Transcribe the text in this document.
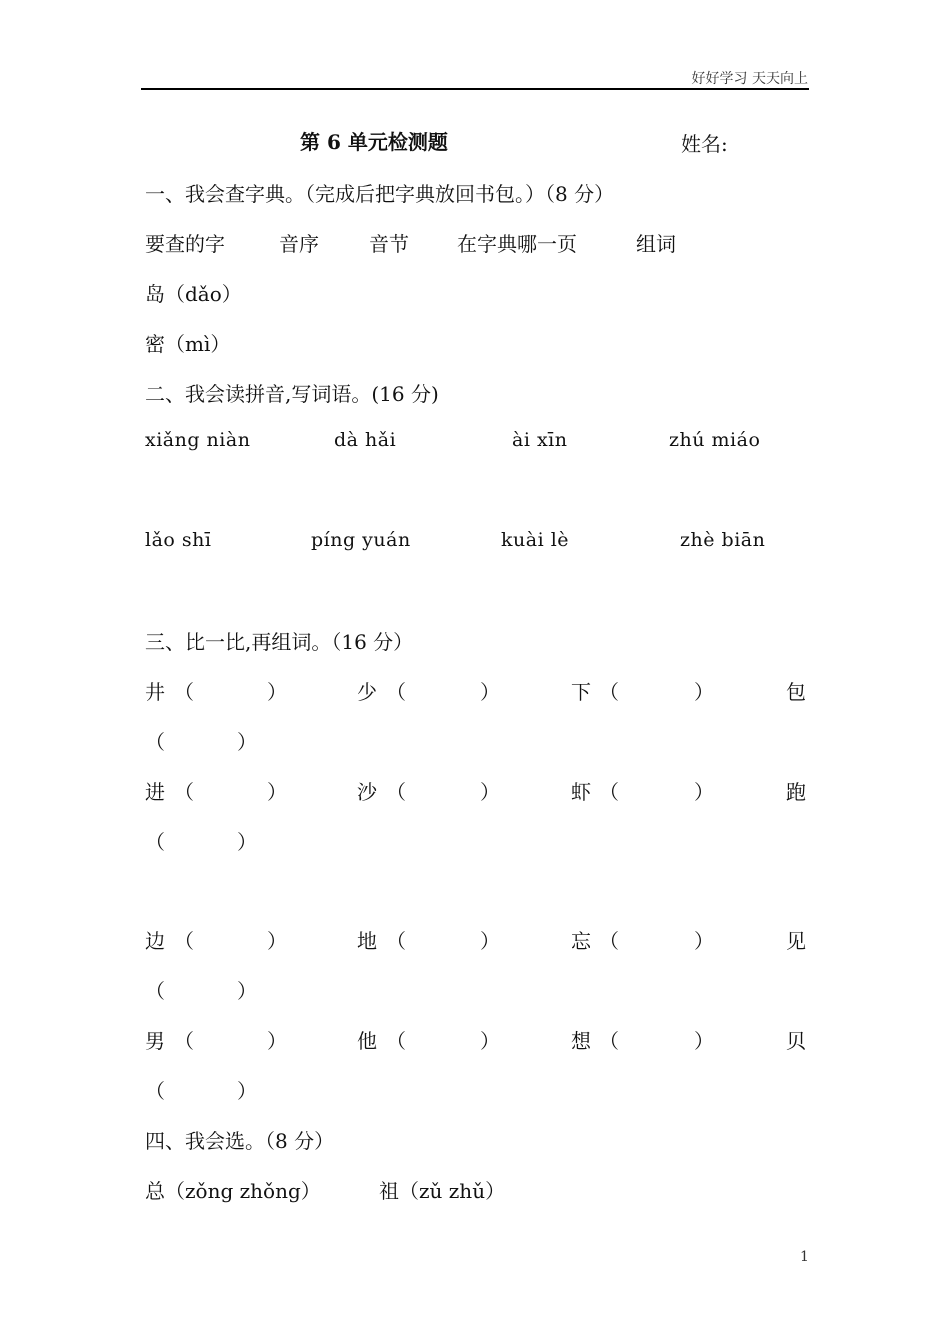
好好学习 天天向上
第 6 单元检测题	姓名:
一、我会查字典。（完成后把字典放回书包。）（8 分）
要查的字	音序	音节 在字典哪一页	组词
岛（dǎo）
密（mì）
二、我会读拼音,写词语。(16 分)
xiǎng niàn	dà hǎi	ài xīn	zhú miáo
lǎo shī	píng yuán	kuài lè	zhè biān
三、比一比,再组词。（16 分）
井 （	）	少 （	）	下 （	）	包
（	）
进 （	）	沙 （	）	虾 （	）	跑
（	）
边 （	）	地 （	）	忘 （	）	见
（	）
男 （	）	他 （	）	想 （	）	贝
（	）
四、我会选。（8 分）
总（zǒng zhǒng）	祖（zǔ zhǔ）
1
